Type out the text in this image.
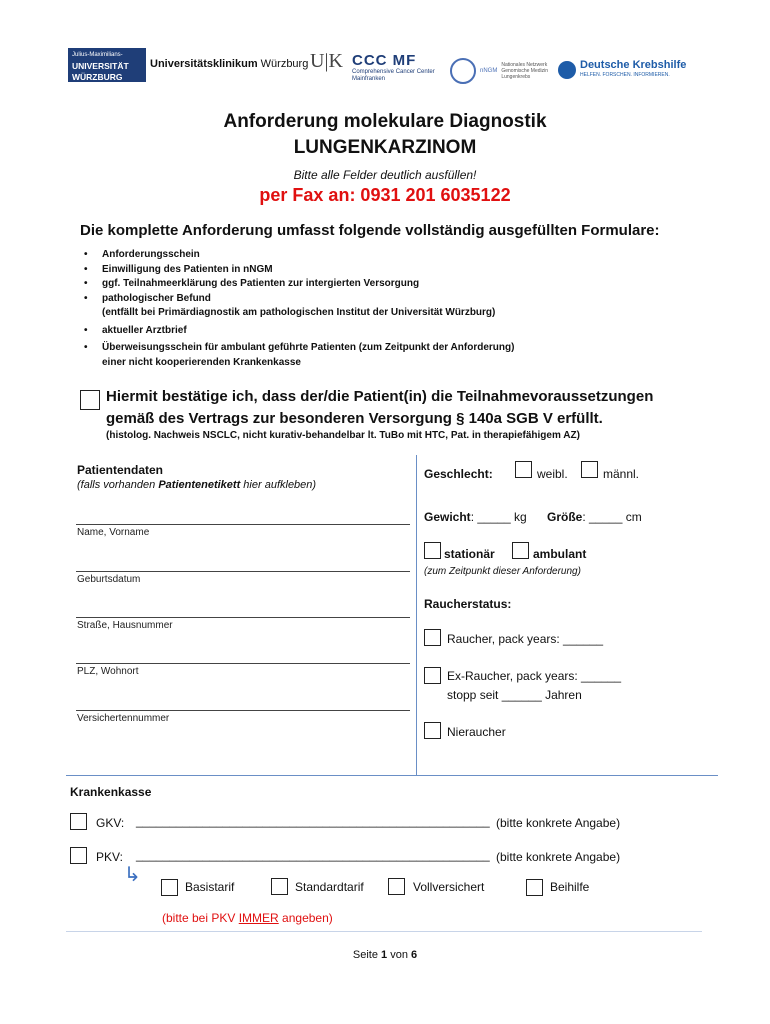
Julius-Maximilians-
UNIVERSITÄT
WÜRZBURG
Universitätsklinikum Würzburg U|K CCC MF
Comprehensive Cancer Center
Mainfranken
nNGM
Nationales Netzwerk Genomische Medizin Lungenkrebs
Deutsche Krebshilfe
HELFEN. FORSCHEN. INFORMIEREN.
Anforderung molekulare Diagnostik
LUNGENKARZINOM
Bitte alle Felder deutlich ausfüllen!
per Fax an: 0931 201 6035122
Die komplette Anforderung umfasst folgende vollständig ausgefüllten Formulare:
• Anforderungsschein
• Einwilligung des Patienten in nNGM
• ggf. Teilnahmeerklärung des Patienten zur intergierten Versorgung
• pathologischer Befund
(entfällt bei Primärdiagnostik am pathologischen Institut der Universität Würzburg)
• aktueller Arztbrief
• Überweisungsschein für ambulant geführte Patienten (zum Zeitpunkt der Anforderung)
einer nicht kooperierenden Krankenkasse
Hiermit bestätige ich, dass der/die Patient(in) die Teilnahmevoraussetzungen
gemäß des Vertrags zur besonderen Versorgung § 140a SGB V erfüllt.
(histolog. Nachweis NSCLC, nicht kurativ-behandelbar lt. TuBo mit HTC, Pat. in therapiefähigem AZ)
Patientendaten
(falls vorhanden Patientenetikett hier aufkleben)
Name, Vorname
Geburtsdatum
Straße, Hausnummer
PLZ, Wohnort
Versichertennummer
Geschlecht:	weibl.	männl.
Gewicht: _____ kg Größe: _____ cm
stationär	ambulant
(zum Zeitpunkt dieser Anforderung)
Raucherstatus:
Raucher, pack years: ______
Ex-Raucher, pack years: ______
stopp seit ______ Jahren
Nieraucher
Krankenkasse
GKV: _____________________________________________________ (bitte konkrete Angabe)
PKV: _____________________________________________________ (bitte konkrete Angabe)
↳
Basistarif	Standardtarif	Vollversichert	Beihilfe
(bitte bei PKV IMMER angeben)
Seite 1 von 6
